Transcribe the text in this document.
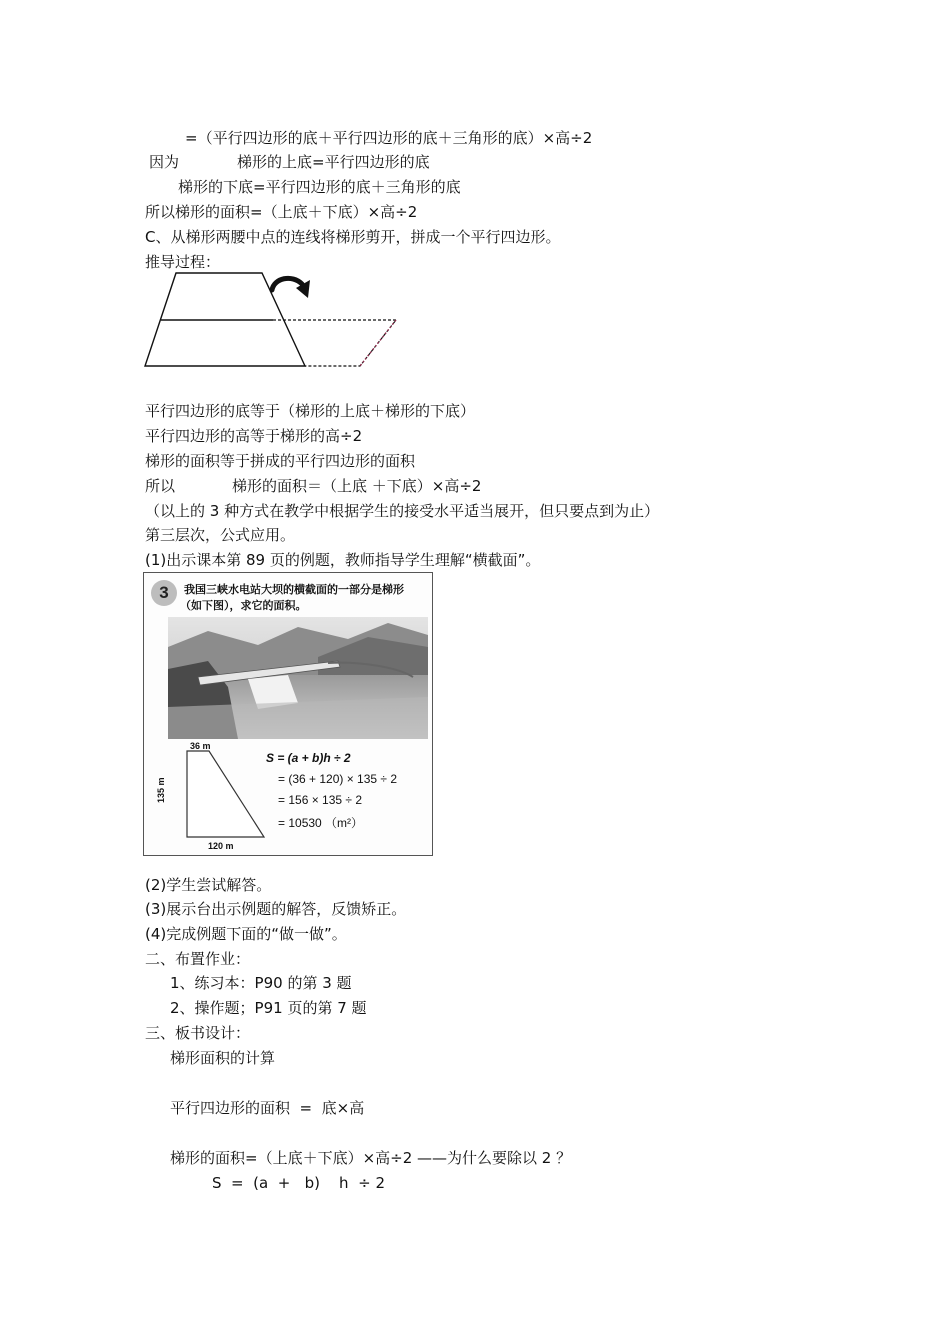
=（平行四边形的底＋平行四边形的底＋三角形的底）×高÷2
因为	梯形的上底=平行四边形的底
梯形的下底=平行四边形的底＋三角形的底
所以梯形的面积=（上底＋下底）×高÷2
C、从梯形两腰中点的连线将梯形剪开，拼成一个平行四边形。
推导过程：
平行四边形的底等于（梯形的上底＋梯形的下底）
平行四边形的高等于梯形的高÷2
梯形的面积等于拼成的平行四边形的面积
所以	梯形的面积＝（上底 ＋下底）×高÷2
（以上的 3 种方式在教学中根据学生的接受水平适当展开，但只要点到为止）
第三层次，公式应用。
(1)出示课本第 89 页的例题，教师指导学生理解“横截面”。
3	我国三峡水电站大坝的横截面的一部分是梯形
（如下图），求它的面积。
36 m
135 m
120 m
S = (a + b)h ÷ 2
= (36 + 120) × 135 ÷ 2
= 156 × 135 ÷ 2
= 10530 （m²）
(2)学生尝试解答。
(3)展示台出示例题的解答，反馈矫正。
(4)完成例题下面的“做一做”。
二、布置作业：
1、练习本：P90 的第 3 题
2、操作题；P91 页的第 7 题
三、板书设计：
梯形面积的计算
平行四边形的面积  =  底×高
梯形的面积=（上底＋下底）×高÷2 ——为什么要除以 2 ？
S  =  (a  +   b)    h  ÷ 2
